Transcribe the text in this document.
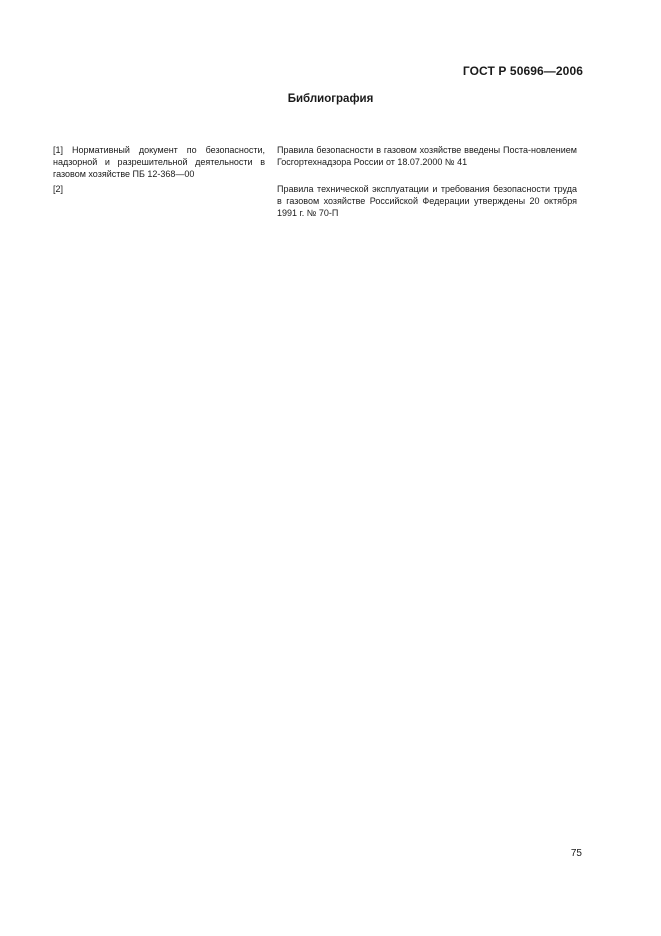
ГОСТ Р 50696—2006
Библиография
[1] Нормативный документ по безопасности, надзорной и разрешительной деятельности в газовом хозяйстве ПБ 12-368—00
Правила безопасности в газовом хозяйстве введены Поста-новлением Госгортехнадзора России от 18.07.2000 № 41
[2]	Правила технической эксплуатации и требования безопасности труда в газовом хозяйстве Российской Федерации утверждены 20 октября 1991 г. № 70-П
75
